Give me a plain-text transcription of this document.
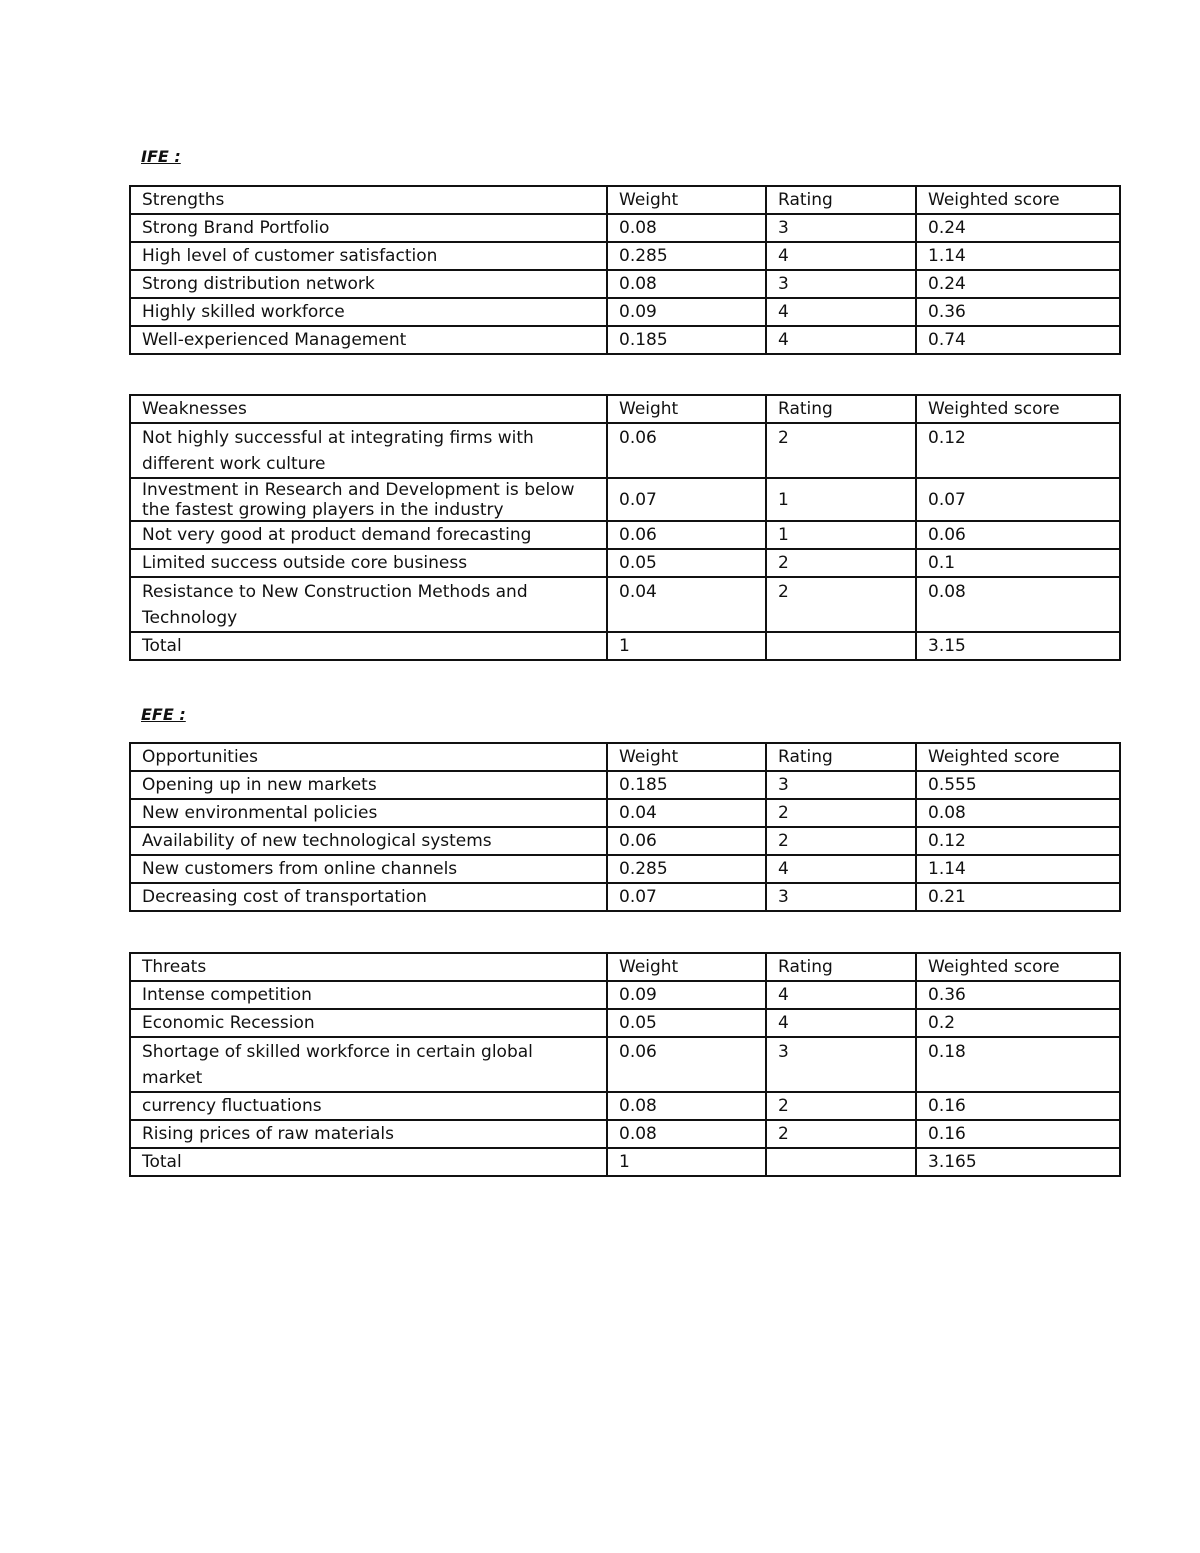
IFE :
Strengths	Weight	Rating	Weighted score
Strong Brand Portfolio	0.08	3	0.24
High level of customer satisfaction	0.285	4	1.14
Strong distribution network	0.08	3	0.24
Highly skilled workforce	0.09	4	0.36
Well-experienced Management	0.185	4	0.74
Weaknesses	Weight	Rating	Weighted score
Not highly successful at integrating firms with different work culture	0.06	2	0.12
Investment in Research and Development is below the fastest growing players in the industry	0.07	1	0.07
Not very good at product demand forecasting	0.06	1	0.06
Limited success outside core business	0.05	2	0.1
Resistance to New Construction Methods and Technology	0.04	2	0.08
Total	1		3.15
EFE :
Opportunities	Weight	Rating	Weighted score
Opening up in new markets	0.185	3	0.555
New environmental policies	0.04	2	0.08
Availability of new technological systems	0.06	2	0.12
New customers from online channels	0.285	4	1.14
Decreasing cost of transportation	0.07	3	0.21
Threats	Weight	Rating	Weighted score
Intense competition	0.09	4	0.36
Economic Recession	0.05	4	0.2
Shortage of skilled workforce in certain global market	0.06	3	0.18
currency fluctuations	0.08	2	0.16
Rising prices of raw materials	0.08	2	0.16
Total	1		3.165
